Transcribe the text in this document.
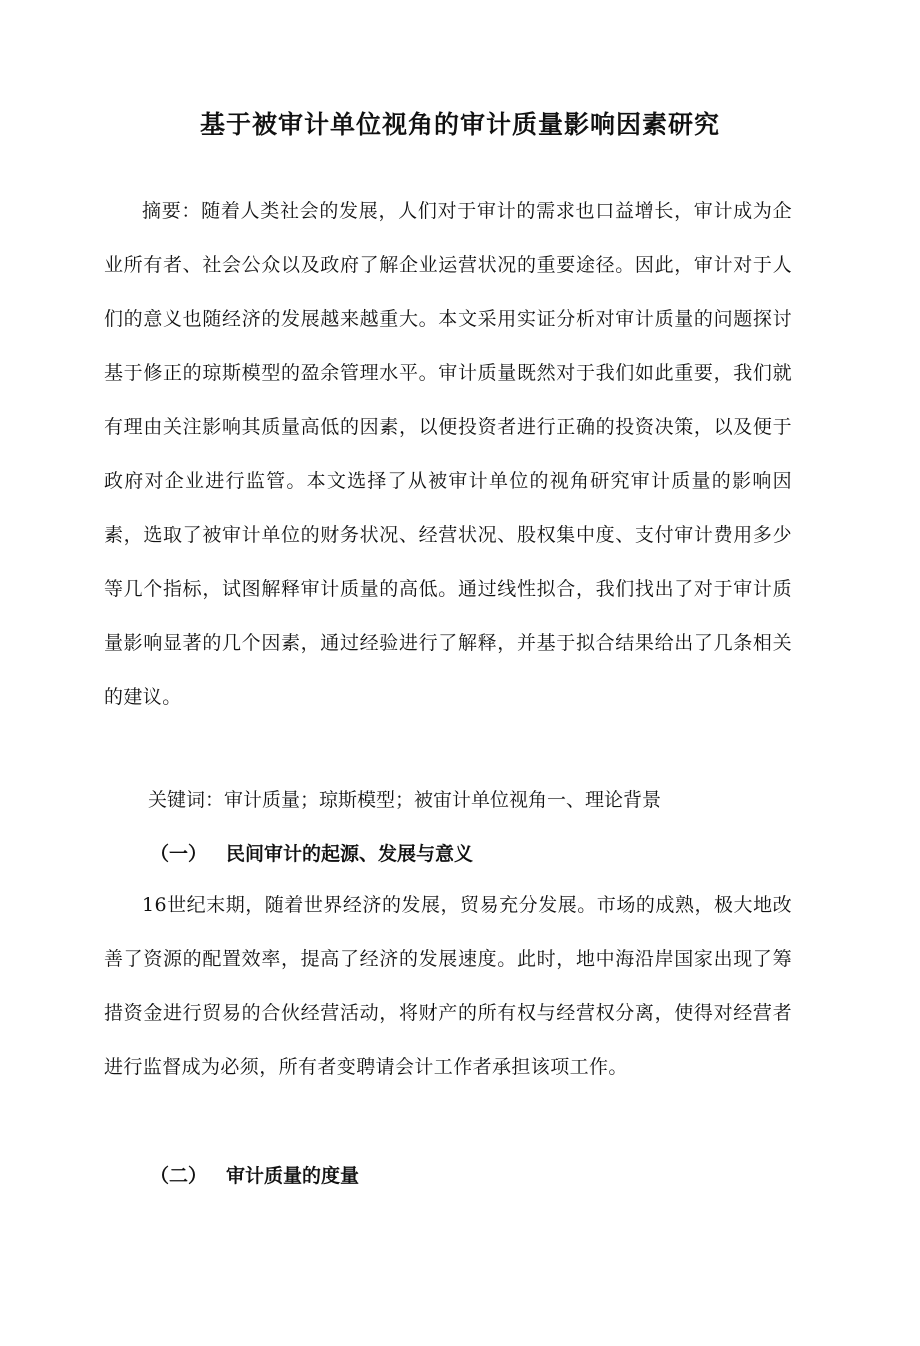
基于被审计单位视角的审计质量影响因素研究

摘要：随着人类社会的发展，人们对于审计的需求也口益增长，审计成为企业所有者、社会公众以及政府了解企业运营状况的重要途径。因此，审计对于人们的意义也随经济的发展越来越重大。本文采用实证分析对审计质量的问题探讨基于修正的琼斯模型的盈余管理水平。审计质量既然对于我们如此重要，我们就有理由关注影响其质量高低的因素，以便投资者进行正确的投资决策，以及便于政府对企业进行监管。本文选择了从被审计单位的视角研究审计质量的影响因素，选取了被审计单位的财务状况、经营状况、股权集中度、支付审计费用多少等几个指标，试图解释审计质量的高低。通过线性拟合，我们找出了对于审计质量影响显著的几个因素，通过经验进行了解释，并基于拟合结果给出了几条相关的建议。

关键词：审计质量；琼斯模型；被宙计单位视角一、理论背景

（一） 民间审计的起源、发展与意义

16世纪末期，随着世界经济的发展，贸易充分发展。市场的成熟，极大地改善了资源的配置效率，提高了经济的发展速度。此时，地中海沿岸国家出现了筹措资金进行贸易的合伙经营活动，将财产的所有权与经营权分离，使得对经营者进行监督成为必须，所有者变聘请会计工作者承担该项工作。

（二） 审计质量的度量
